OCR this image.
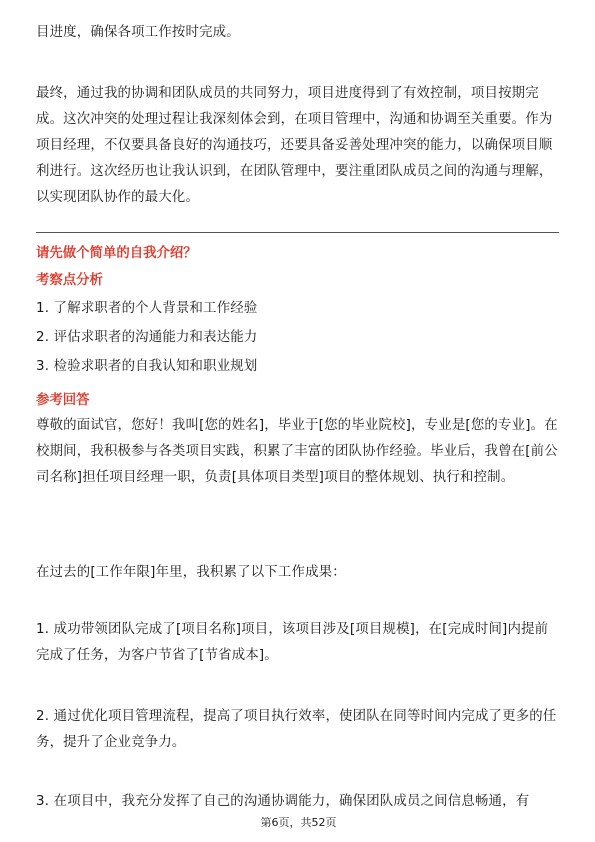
目进度，确保各项工作按时完成。

最终，通过我的协调和团队成员的共同努力，项目进度得到了有效控制，项目按期完成。这次冲突的处理过程让我深刻体会到，在项目管理中，沟通和协调至关重要。作为项目经理，不仅要具备良好的沟通技巧，还要具备妥善处理冲突的能力，以确保项目顺利进行。这次经历也让我认识到，在团队管理中，要注重团队成员之间的沟通与理解，以实现团队协作的最大化。

请先做个简单的自我介绍？
考察点分析

1. 了解求职者的个人背景和工作经验

2. 评估求职者的沟通能力和表达能力

3. 检验求职者的自我认知和职业规划

参考回答

尊敬的面试官，您好！我叫[您的姓名]，毕业于[您的毕业院校]，专业是[您的专业]。在校期间，我积极参与各类项目实践，积累了丰富的团队协作经验。毕业后，我曾在[前公司名称]担任项目经理一职，负责[具体项目类型]项目的整体规划、执行和控制。

在过去的[工作年限]年里，我积累了以下工作成果：

1. 成功带领团队完成了[项目名称]项目，该项目涉及[项目规模]，在[完成时间]内提前完成了任务，为客户节省了[节省成本]。

2. 通过优化项目管理流程，提高了项目执行效率，使团队在同等时间内完成了更多的任务，提升了企业竞争力。

3. 在项目中，我充分发挥了自己的沟通协调能力，确保团队成员之间信息畅通，有

第6页，共52页
